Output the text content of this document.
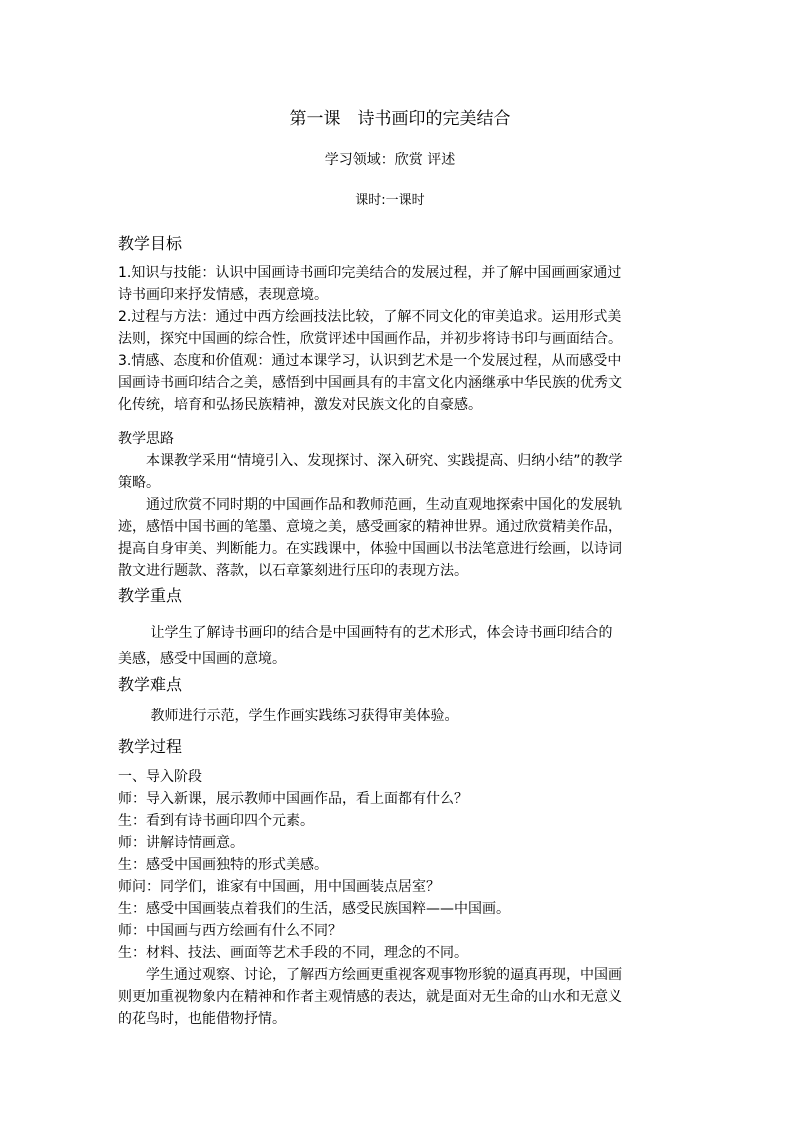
第一课　诗书画印的完美结合
学习领域：欣赏 评述
课时:一课时
教学目标

1.知识与技能：认识中国画诗书画印完美结合的发展过程，并了解中国画画家通过

诗书画印来抒发情感，表现意境。

2.过程与方法：通过中西方绘画技法比较，了解不同文化的审美追求。运用形式美

法则，探究中国画的综合性，欣赏评述中国画作品，并初步将诗书印与画面结合。

3.情感、态度和价值观：通过本课学习，认识到艺术是一个发展过程，从而感受中

国画诗书画印结合之美，感悟到中国画具有的丰富文化内涵继承中华民族的优秀文

化传统，培育和弘扬民族精神，激发对民族文化的自豪感。

教学思路

　　本课教学采用“情境引入、发现探讨、深入研究、实践提高、归纳小结”的教学

策略。

　　通过欣赏不同时期的中国画作品和教师范画，生动直观地探索中国化的发展轨

迹，感悟中国书画的笔墨、意境之美，感受画家的精神世界。通过欣赏精美作品，

提高自身审美、判断能力。在实践课中，体验中国画以书法笔意进行绘画，以诗词

散文进行题款、落款，以石章篆刻进行压印的表现方法。

教学重点

　　 让学生了解诗书画印的结合是中国画特有的艺术形式，体会诗书画印结合的

美感，感受中国画的意境。

教学难点
　　 教师进行示范，学生作画实践练习获得审美体验。
教学过程

一、导入阶段

师：导入新课，展示教师中国画作品，看上面都有什么？

生：看到有诗书画印四个元素。

师：讲解诗情画意。

生：感受中国画独特的形式美感。

师问：同学们，谁家有中国画，用中国画装点居室？

生：感受中国画装点着我们的生活，感受民族国粹——中国画。

师：中国画与西方绘画有什么不同？

生：材料、技法、画面等艺术手段的不同，理念的不同。

　　学生通过观察、讨论，了解西方绘画更重视客观事物形貌的逼真再现，中国画

则更加重视物象内在精神和作者主观情感的表达，就是面对无生命的山水和无意义

的花鸟时，也能借物抒情。
